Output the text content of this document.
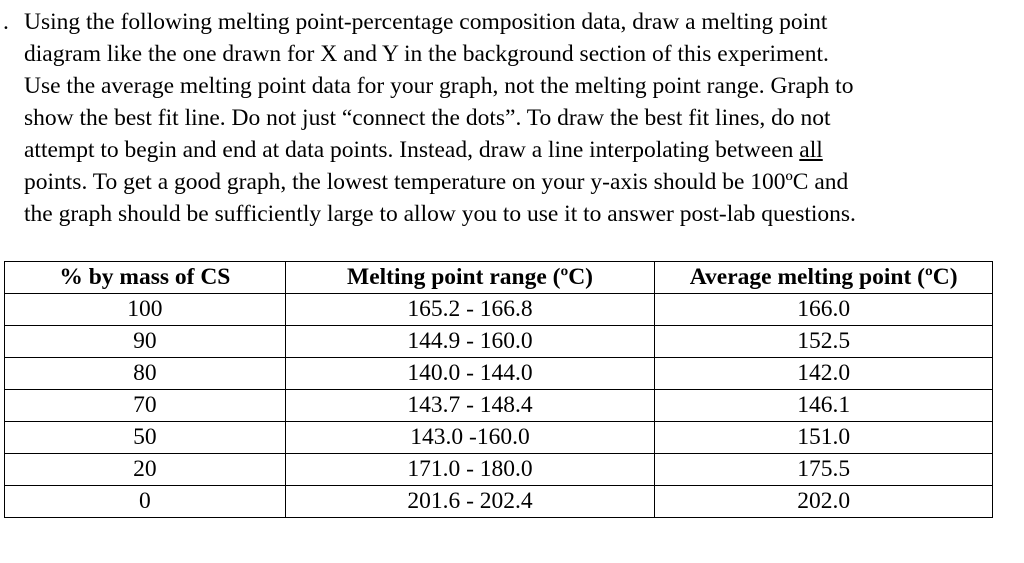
. Using the following melting point-percentage composition data, draw a melting point
diagram like the one drawn for X and Y in the background section of this experiment.
Use the average melting point data for your graph, not the melting point range. Graph to
show the best fit line. Do not just “connect the dots”. To draw the best fit lines, do not
attempt to begin and end at data points. Instead, draw a line interpolating between all
points. To get a good graph, the lowest temperature on your y-axis should be 100ºC and
the graph should be sufficiently large to allow you to use it to answer post-lab questions.
% by mass of CS	Melting point range (ºC)	Average melting point (ºC)
100	165.2 - 166.8	166.0
90	144.9 - 160.0	152.5
80	140.0 - 144.0	142.0
70	143.7 - 148.4	146.1
50	143.0 -160.0	151.0
20	171.0 - 180.0	175.5
0	201.6 - 202.4	202.0
